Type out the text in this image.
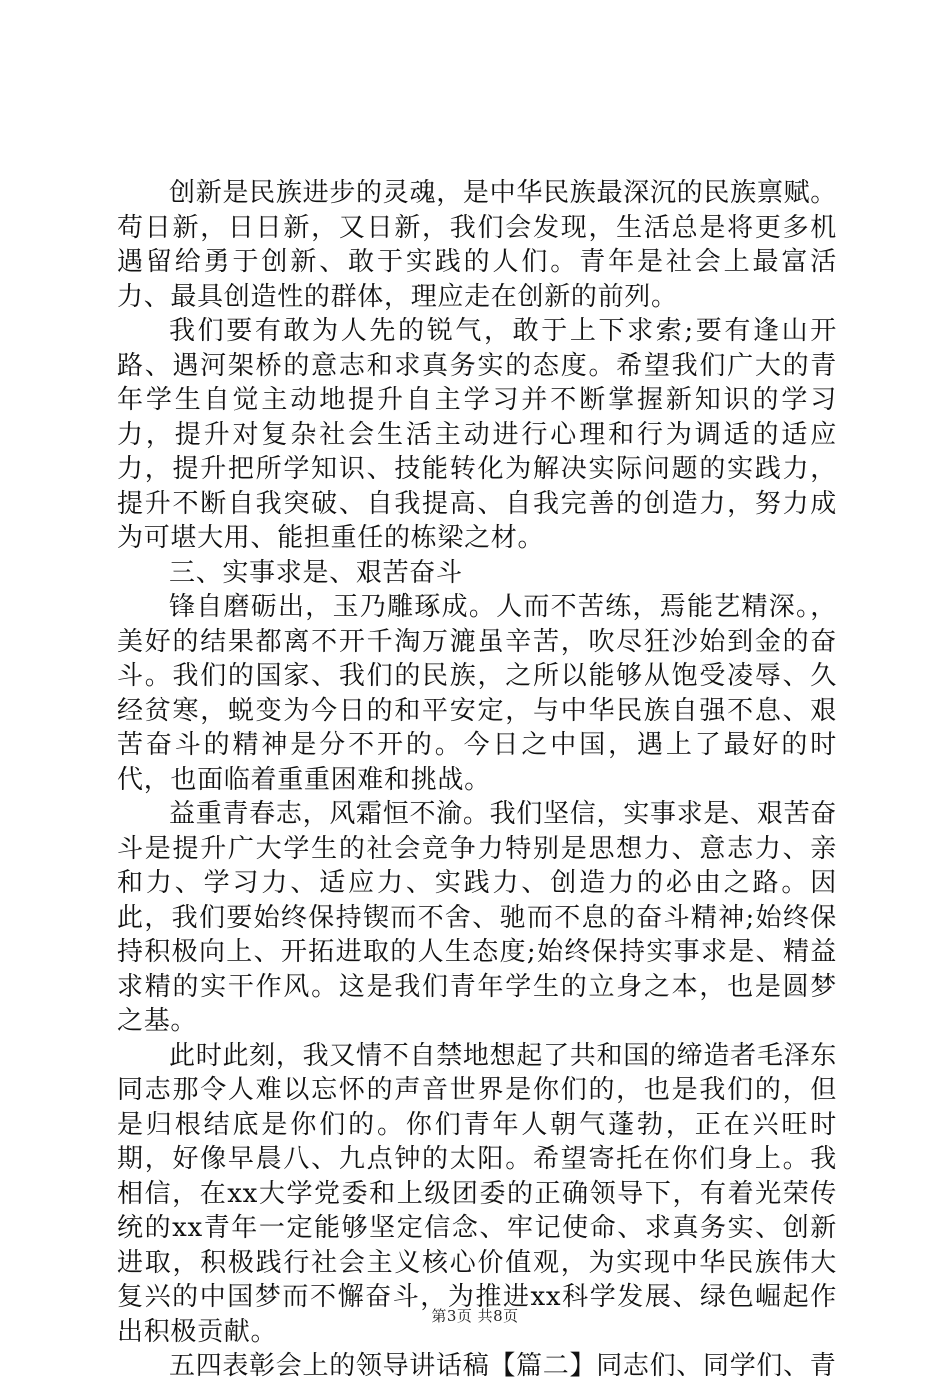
创新是民族进步的灵魂，是中华民族最深沉的民族禀赋。苟日新，日日新，又日新，我们会发现，生活总是将更多机遇留给勇于创新、敢于实践的人们。青年是社会上最富活力、最具创造性的群体，理应走在创新的前列。

我们要有敢为人先的锐气，敢于上下求索;要有逢山开路、遇河架桥的意志和求真务实的态度。希望我们广大的青年学生自觉主动地提升自主学习并不断掌握新知识的学习力，提升对复杂社会生活主动进行心理和行为调适的适应力，提升把所学知识、技能转化为解决实际问题的实践力，提升不断自我突破、自我提高、自我完善的创造力，努力成为可堪大用、能担重任的栋梁之材。

三、实事求是、艰苦奋斗

锋自磨砺出，玉乃雕琢成。人而不苦练，焉能艺精深。，美好的结果都离不开千淘万漉虽辛苦，吹尽狂沙始到金的奋斗。我们的国家、我们的民族，之所以能够从饱受凌辱、久经贫寒，蜕变为今日的和平安定，与中华民族自强不息、艰苦奋斗的精神是分不开的。今日之中国，遇上了最好的时代，也面临着重重困难和挑战。

益重青春志，风霜恒不渝。我们坚信，实事求是、艰苦奋斗是提升广大学生的社会竞争力特别是思想力、意志力、亲和力、学习力、适应力、实践力、创造力的必由之路。因此，我们要始终保持锲而不舍、驰而不息的奋斗精神;始终保持积极向上、开拓进取的人生态度;始终保持实事求是、精益求精的实干作风。这是我们青年学生的立身之本，也是圆梦之基。

此时此刻，我又情不自禁地想起了共和国的缔造者毛泽东同志那令人难以忘怀的声音世界是你们的，也是我们的，但是归根结底是你们的。你们青年人朝气蓬勃，正在兴旺时期，好像早晨八、九点钟的太阳。希望寄托在你们身上。我相信，在xx大学党委和上级团委的正确领导下，有着光荣传统的xx青年一定能够坚定信念、牢记使命、求真务实、创新进取，积极践行社会主义核心价值观，为实现中华民族伟大复兴的中国梦而不懈奋斗，为推进xx科学发展、绿色崛起作出积极贡献。

五四表彰会上的领导讲话稿【篇二】同志们、同学们、青

第3页 共8页
